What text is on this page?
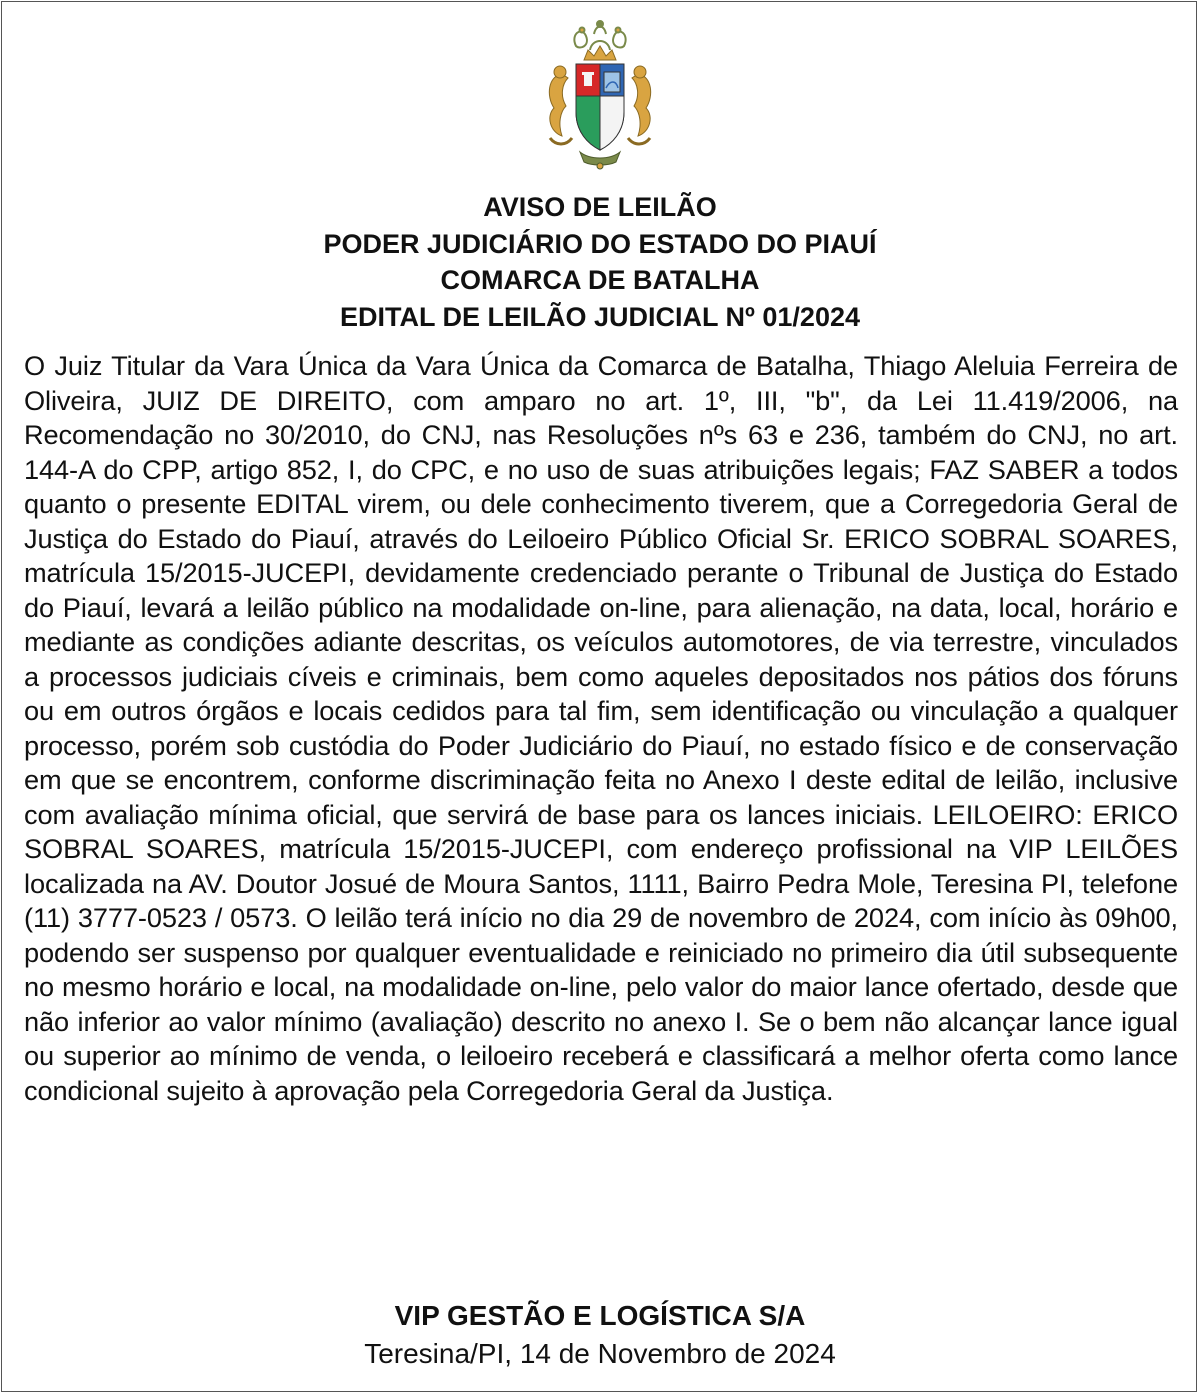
AVISO DE LEILÃO
PODER JUDICIÁRIO DO ESTADO DO PIAUÍ
COMARCA DE BATALHA
EDITAL DE LEILÃO JUDICIAL Nº 01/2024
O Juiz Titular da Vara Única da Vara Única da Comarca de Batalha, Thiago Aleluia Ferreira de Oliveira, JUIZ DE DIREITO, com amparo no art. 1º, III, "b", da Lei 11.419/2006, na Recomendação no 30/2010, do CNJ, nas Resoluções nºs 63 e 236, também do CNJ, no art. 144-A do CPP, artigo 852, I, do CPC, e no uso de suas atribuições legais; FAZ SABER a todos quanto o presente EDITAL virem, ou dele conhecimento tiverem, que a Corregedoria Geral de Justiça do Estado do Piauí, através do Leiloeiro Público Oficial Sr. ERICO SOBRAL SOARES, matrícula 15/2015-JUCEPI, devidamente credenciado perante o Tribunal de Justiça do Estado do Piauí, levará a leilão público na modalidade on-line, para alienação, na data, local, horário e mediante as condições adiante descritas, os veículos automotores, de via terrestre, vinculados a processos judiciais cíveis e criminais, bem como aqueles depositados nos pátios dos fóruns ou em outros órgãos e locais cedidos para tal fim, sem identificação ou vinculação a qualquer processo, porém sob custódia do Poder Judiciário do Piauí, no estado físico e de conservação em que se encontrem, conforme discriminação feita no Anexo I deste edital de leilão, inclusive com avaliação mínima oficial, que servirá de base para os lances iniciais. LEILOEIRO: ERICO SOBRAL SOARES, matrícula 15/2015-JUCEPI, com endereço profissional na VIP LEILÕES localizada na AV. Doutor Josué de Moura Santos, 1111, Bairro Pedra Mole, Teresina PI, telefone (11) 3777-0523 / 0573. O leilão terá início no dia 29 de novembro de 2024, com início às 09h00, podendo ser suspenso por qualquer eventualidade e reiniciado no primeiro dia útil subsequente no mesmo horário e local, na modalidade on-line, pelo valor do maior lance ofertado, desde que não inferior ao valor mínimo (avaliação) descrito no anexo I. Se o bem não alcançar lance igual ou superior ao mínimo de venda, o leiloeiro receberá e classificará a melhor oferta como lance condicional sujeito à aprovação pela Corregedoria Geral da Justiça.
VIP GESTÃO E LOGÍSTICA S/A
Teresina/PI, 14 de Novembro de 2024
